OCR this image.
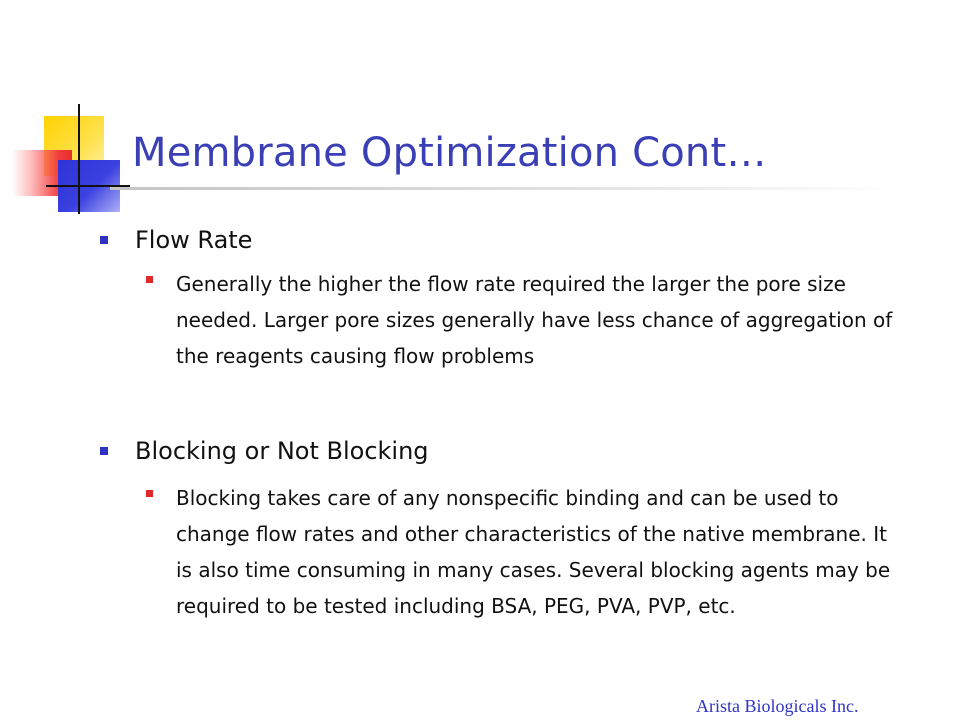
Membrane Optimization Cont…
Flow Rate
Generally the higher the flow rate required the larger the pore size needed. Larger pore sizes generally have less chance of aggregation of the reagents causing flow problems
Blocking or Not Blocking
Blocking takes care of any nonspecific binding and can be used to change flow rates and other characteristics of the native membrane. It is also time consuming in many cases. Several blocking agents may be required to be tested including BSA, PEG, PVA, PVP, etc.
Arista Biologicals Inc.
